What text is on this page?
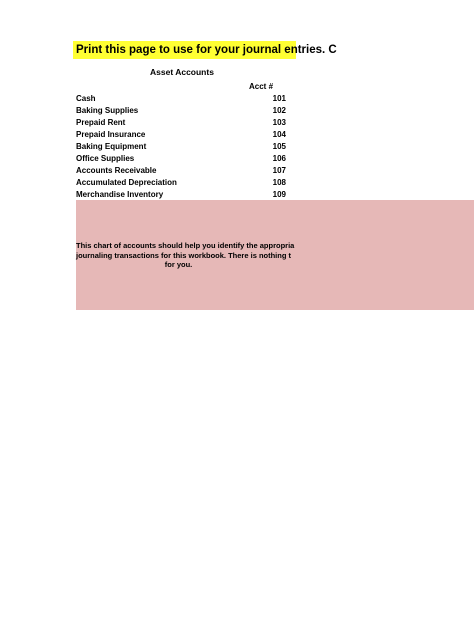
Print this page to use for your journal entries. C
Asset Accounts
Acct #
Cash	101
Baking Supplies	102
Prepaid Rent	103
Prepaid Insurance	104
Baking Equipment	105
Office Supplies	106
Accounts Receivable	107
Accumulated Depreciation	108
Merchandise Inventory	109
This chart of accounts should help you identify the appropria
journaling transactions for this workbook. There is nothing t
for you.
